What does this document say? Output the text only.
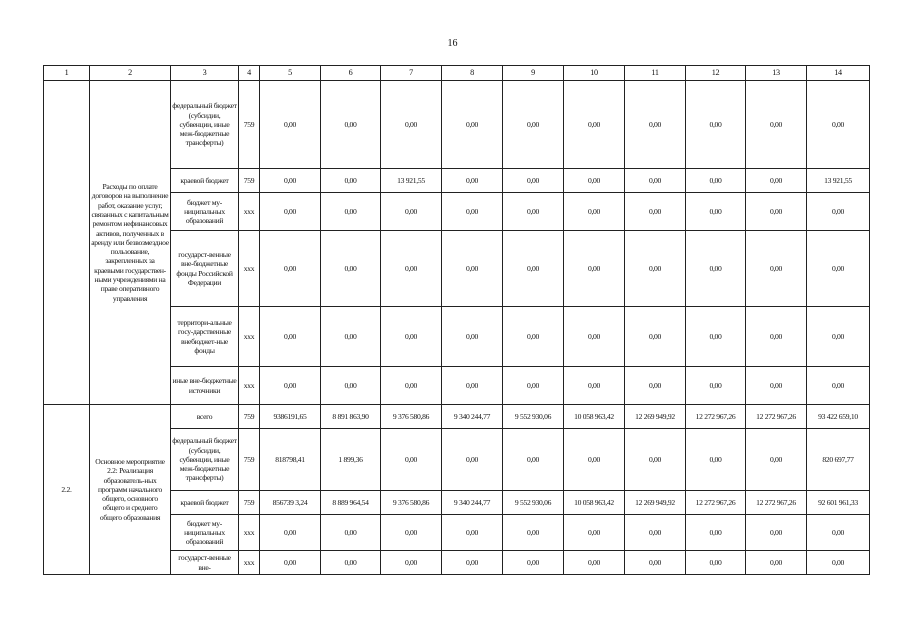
16
1	2	3	4	5	6	7	8	9	10	11	12	13	14
	Расходы по оплате договоров на выполнение работ, оказание услуг, связанных с капитальным ремонтом нефинансовых активов, полученных в аренду или безвозмездное пользование, закрепленных за краевыми государствен-ными учреждениями на праве оперативного управления	федеральный бюджет (субсидии, субвенции, иные меж-бюджетные трансферты)	759	0,00	0,00	0,00	0,00	0,00	0,00	0,00	0,00	0,00	0,00
		краевой бюджет	759	0,00	0,00	13 921,55	0,00	0,00	0,00	0,00	0,00	0,00	13 921,55
		бюджет му-ниципальных образований	xxx	0,00	0,00	0,00	0,00	0,00	0,00	0,00	0,00	0,00	0,00
		государст-венные вне-бюджетные фонды Российской Федерации	xxx	0,00	0,00	0,00	0,00	0,00	0,00	0,00	0,00	0,00	0,00
		территори-альные госу-дарственные внебюджет-ные фонды	xxx	0,00	0,00	0,00	0,00	0,00	0,00	0,00	0,00	0,00	0,00
		иные вне-бюджетные источники	xxx	0,00	0,00	0,00	0,00	0,00	0,00	0,00	0,00	0,00	0,00
2.2.	Основное мероприятие 2.2: Реализация образователь-ных программ начального общего, основного общего и среднего общего образования	всего	759	9386191,65	8 891 863,90	9 376 580,86	9 340 244,77	9 552 930,06	10 058 963,42	12 269 949,92	12 272 967,26	12 272 967,26	93 422 659,10
		федеральный бюджет (субсидии, субвенции, иные меж-бюджетные трансферты)	759	818798,41	1 899,36	0,00	0,00	0,00	0,00	0,00	0,00	0,00	820 697,77
		краевой бюджет	759	856739 3,24	8 889 964,54	9 376 580,86	9 340 244,77	9 552 930,06	10 058 963,42	12 269 949,92	12 272 967,26	12 272 967,26	92 601 961,33
		бюджет му-ниципальных образований	xxx	0,00	0,00	0,00	0,00	0,00	0,00	0,00	0,00	0,00	0,00
		государст-венные вне-	xxx	0,00	0,00	0,00	0,00	0,00	0,00	0,00	0,00	0,00	0,00
